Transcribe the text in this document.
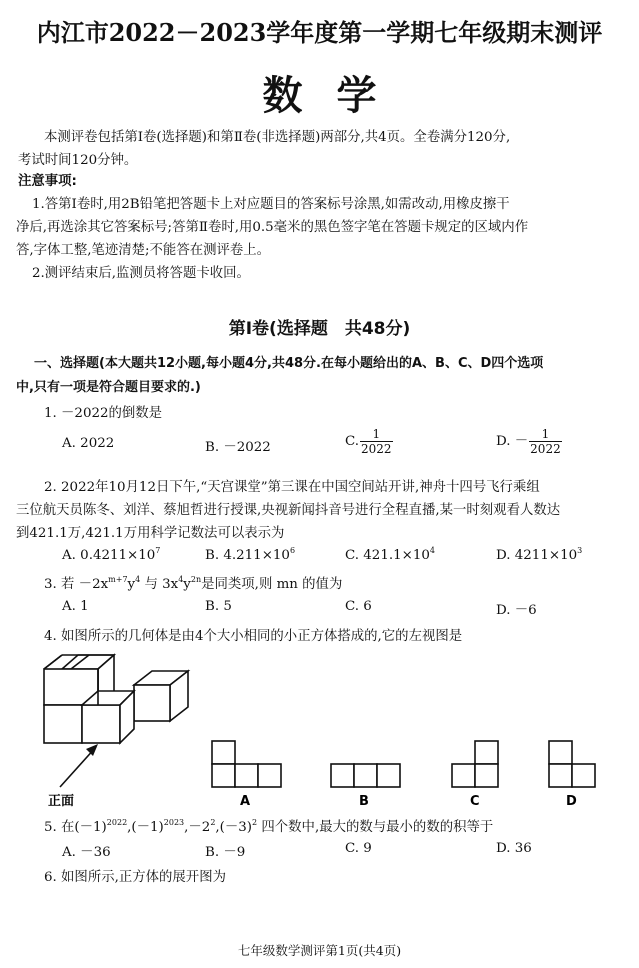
内江市2022－2023学年度第一学期七年级期末测评
数学
本测评卷包括第Ⅰ卷(选择题)和第Ⅱ卷(非选择题)两部分,共4页。全卷满分120分,
考试时间120分钟。
注意事项:
1.答第Ⅰ卷时,用2B铅笔把答题卡上对应题目的答案标号涂黑,如需改动,用橡皮擦干
净后,再选涂其它答案标号;答第Ⅱ卷时,用0.5毫米的黑色签字笔在答题卡规定的区域内作
答,字体工整,笔迹清楚;不能答在测评卷上。
2.测评结束后,监测员将答题卡收回。
第Ⅰ卷(选择题　共48分)
一、选择题(本大题共12小题,每小题4分,共48分.在每小题给出的A、B、C、D四个选项
中,只有一项是符合题目要求的.)
1. －2022的倒数是
A. 2022	B. －2022	C. $\frac{1}{2022}$	D. － $\frac{1}{2022}$
2. 2022年10月12日下午,“天宫课堂”第三课在中国空间站开讲,神舟十四号飞行乘组
三位航天员陈冬、刘洋、蔡旭哲进行授课,央视新闻抖音号进行全程直播,某一时刻观看人数达
到421.1万,421.1万用科学记数法可以表示为
A. $0.4211\times 10^7$	B. $4.211\times 10^6$	C. $421.1\times 10^4$	D. $4211\times 10^3$
3. 若 $-2x^{m+7}y^4$ 与 $3x^4y^{2n}$是同类项,则 mn 的值为
A. 1	B. 5	C. 6	D. －6
4. 如图所示的几何体是由4个大小相同的小正方体搭成的,它的左视图是
正面	A	B	C	D
5. 在$(-1)^{2022},(-1)^{2023},-2^2,(-3)^2$ 四个数中,最大的数与最小的数的积等于
A. －36	B. －9	C. 9	D. 36
6. 如图所示,正方体的展开图为
七年级数学测评第1页(共4页)
